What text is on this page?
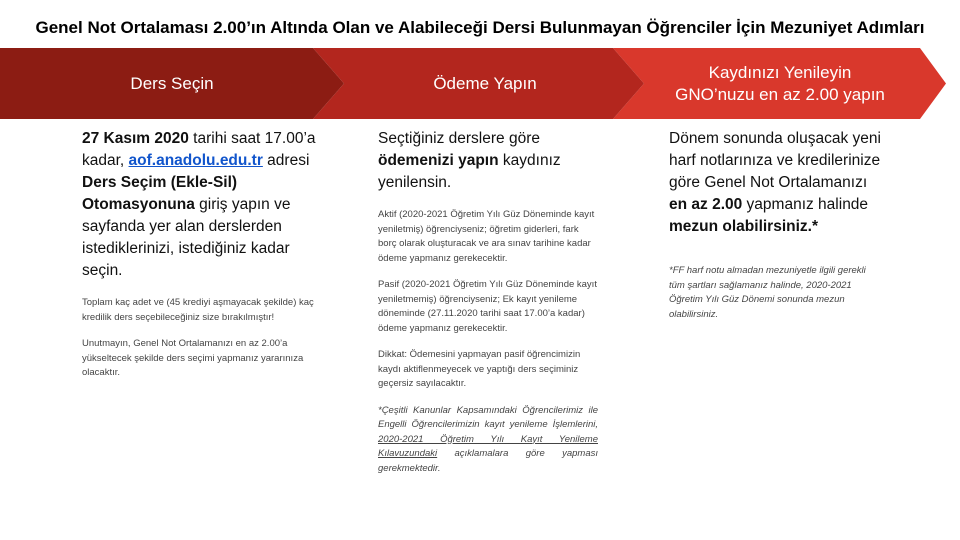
Genel Not Ortalaması 2.00’ın Altında Olan ve Alabileceği Dersi Bulunmayan Öğrenciler İçin Mezuniyet Adımları
Ders Seçin	Ödeme Yapın
Kaydınızı Yenileyin
GNO’nuzu en az 2.00 yapın
27 Kasım 2020 tarihi saat 17.00’a kadar, aof.anadolu.edu.tr adresi Ders Seçim (Ekle-Sil) Otomasyonuna giriş yapın ve sayfanda yer alan derslerden istediklerinizi, istediğiniz kadar seçin.

Toplam kaç adet ve (45 krediyi aşmayacak şekilde) kaç kredilik ders seçebileceğiniz size bırakılmıştır!

Unutmayın, Genel Not Ortalamanızı en az 2.00’a yükseltecek şekilde ders seçimi yapmanız yararınıza olacaktır.

Seçtiğiniz derslere göre ödemenizi yapın kaydınız yenilensin.

Aktif (2020-2021 Öğretim Yılı Güz Döneminde kayıt yeniletmiş) öğrenciyseniz; öğretim giderleri, fark borç olarak oluşturacak ve ara sınav tarihine kadar ödeme yapmanız gerekecektir.

Pasif (2020-2021 Öğretim Yılı Güz Döneminde kayıt yeniletmemiş) öğrenciyseniz; Ek kayıt yenileme döneminde (27.11.2020 tarihi saat 17.00’a kadar) ödeme yapmanız gerekecektir.

Dikkat: Ödemesini yapmayan pasif öğrencimizin kaydı aktiflenmeyecek ve yaptığı ders seçiminiz geçersiz sayılacaktır.

*Çeşitli Kanunlar Kapsamındaki Öğrencilerimiz ile Engelli Öğrencilerimizin kayıt yenileme İşlemlerini, 2020-2021 Öğretim Yılı Kayıt Yenileme Kılavuzundaki açıklamalara göre yapması gerekmektedir.

Dönem sonunda oluşacak yeni harf notlarınıza ve kredilerinize göre Genel Not Ortalamanızı en az 2.00 yapmanız halinde mezun olabilirsiniz.*
*FF harf notu almadan mezuniyetle ilgili gerekli tüm şartları sağlamanız halinde, 2020-2021 Öğretim Yılı Güz Dönemi sonunda mezun olabilirsiniz.
